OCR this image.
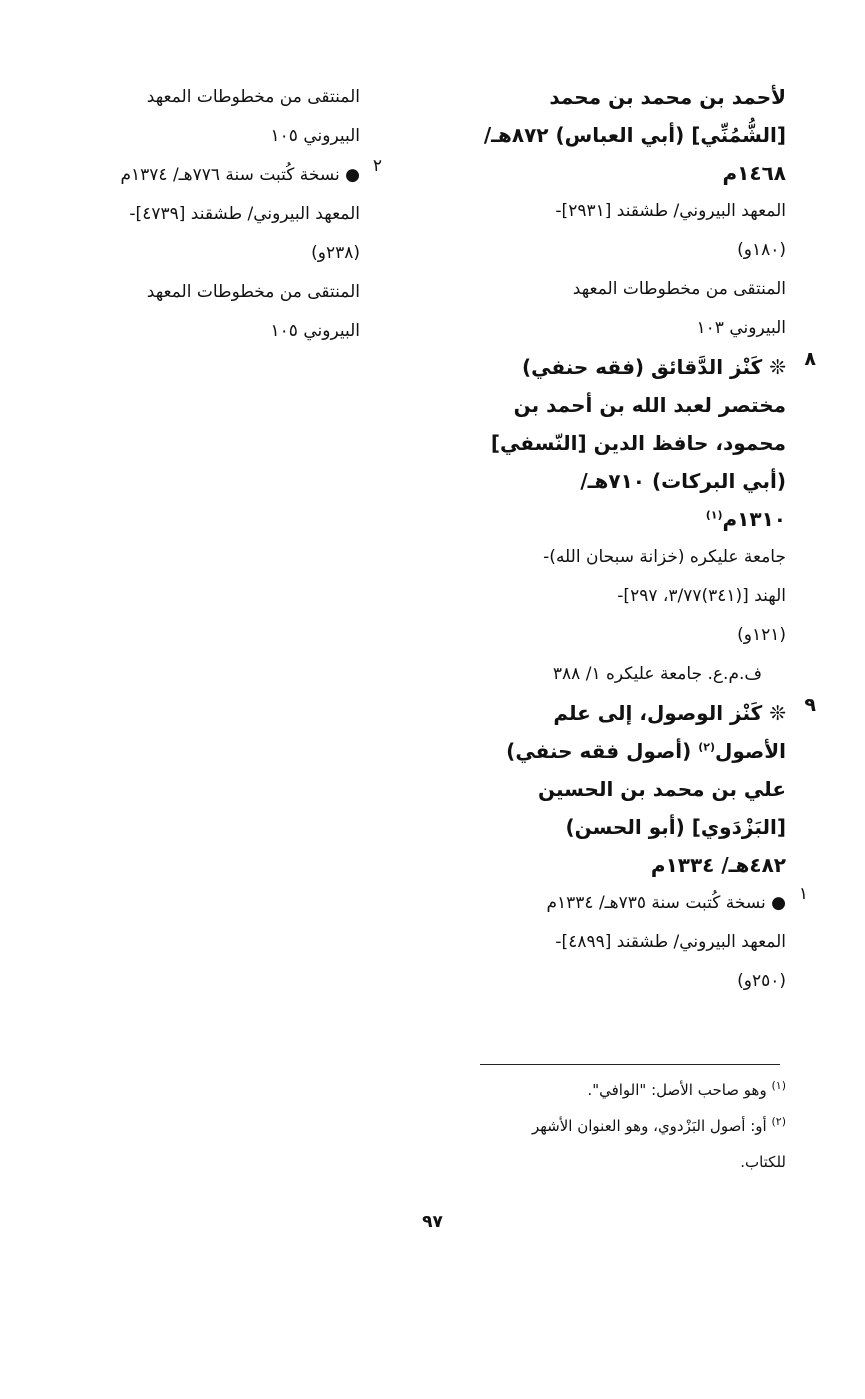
لأحمد بن محمد بن محمد

[الشُّمُنِّي] (أبي العباس) ٨٧٢هـ/

١٤٦٨م

المعهد البيروني/ طشقند [٢٩٣١]-

(١٨٠و)

المنتقى من مخطوطات المعهد

البيروني ١٠٣

٨

❊ كَنْز الدَّقائق (فقه حنفي)

مختصر لعبد الله بن أحمد بن

محمود، حافظ الدين [النّسفي]

(أبي البركات) ٧١٠هـ/

١٣١٠م$^{(١)}$

جامعة عليكره (خزانة سبحان الله)-

الهند [(٣٤١)٣/٧٧، ٢٩٧]-

(١٢١و)

ف.م.ع. جامعة عليكره ١/ ٣٨٨

٩

❊ كَنْز الوصول، إلى علم

الأصول$^{(٢)}$ (أصول فقه حنفي)

علي بن محمد بن الحسين

[البَزْدَوي] (أبو الحسن)

٤٨٢هـ/ ١٣٣٤م

١

● نسخة كُتبت سنة ٧٣٥هـ/ ١٣٣٤م

المعهد البيروني/ طشقند [٤٨٩٩]-

(٢٥٠و)

المنتقى من مخطوطات المعهد

البيروني ١٠٥

٢

● نسخة كُتبت سنة ٧٧٦هـ/ ١٣٧٤م

المعهد البيروني/ طشقند [٤٧٣٩]-

(٢٣٨و)

المنتقى من مخطوطات المعهد

البيروني ١٠٥

$^{(١)}$ وهو صاحب الأصل: "الوافي".

$^{(٢)}$ أو: أصول البَزْدوي، وهو العنوان الأشهر

للكتاب.

٩٧
